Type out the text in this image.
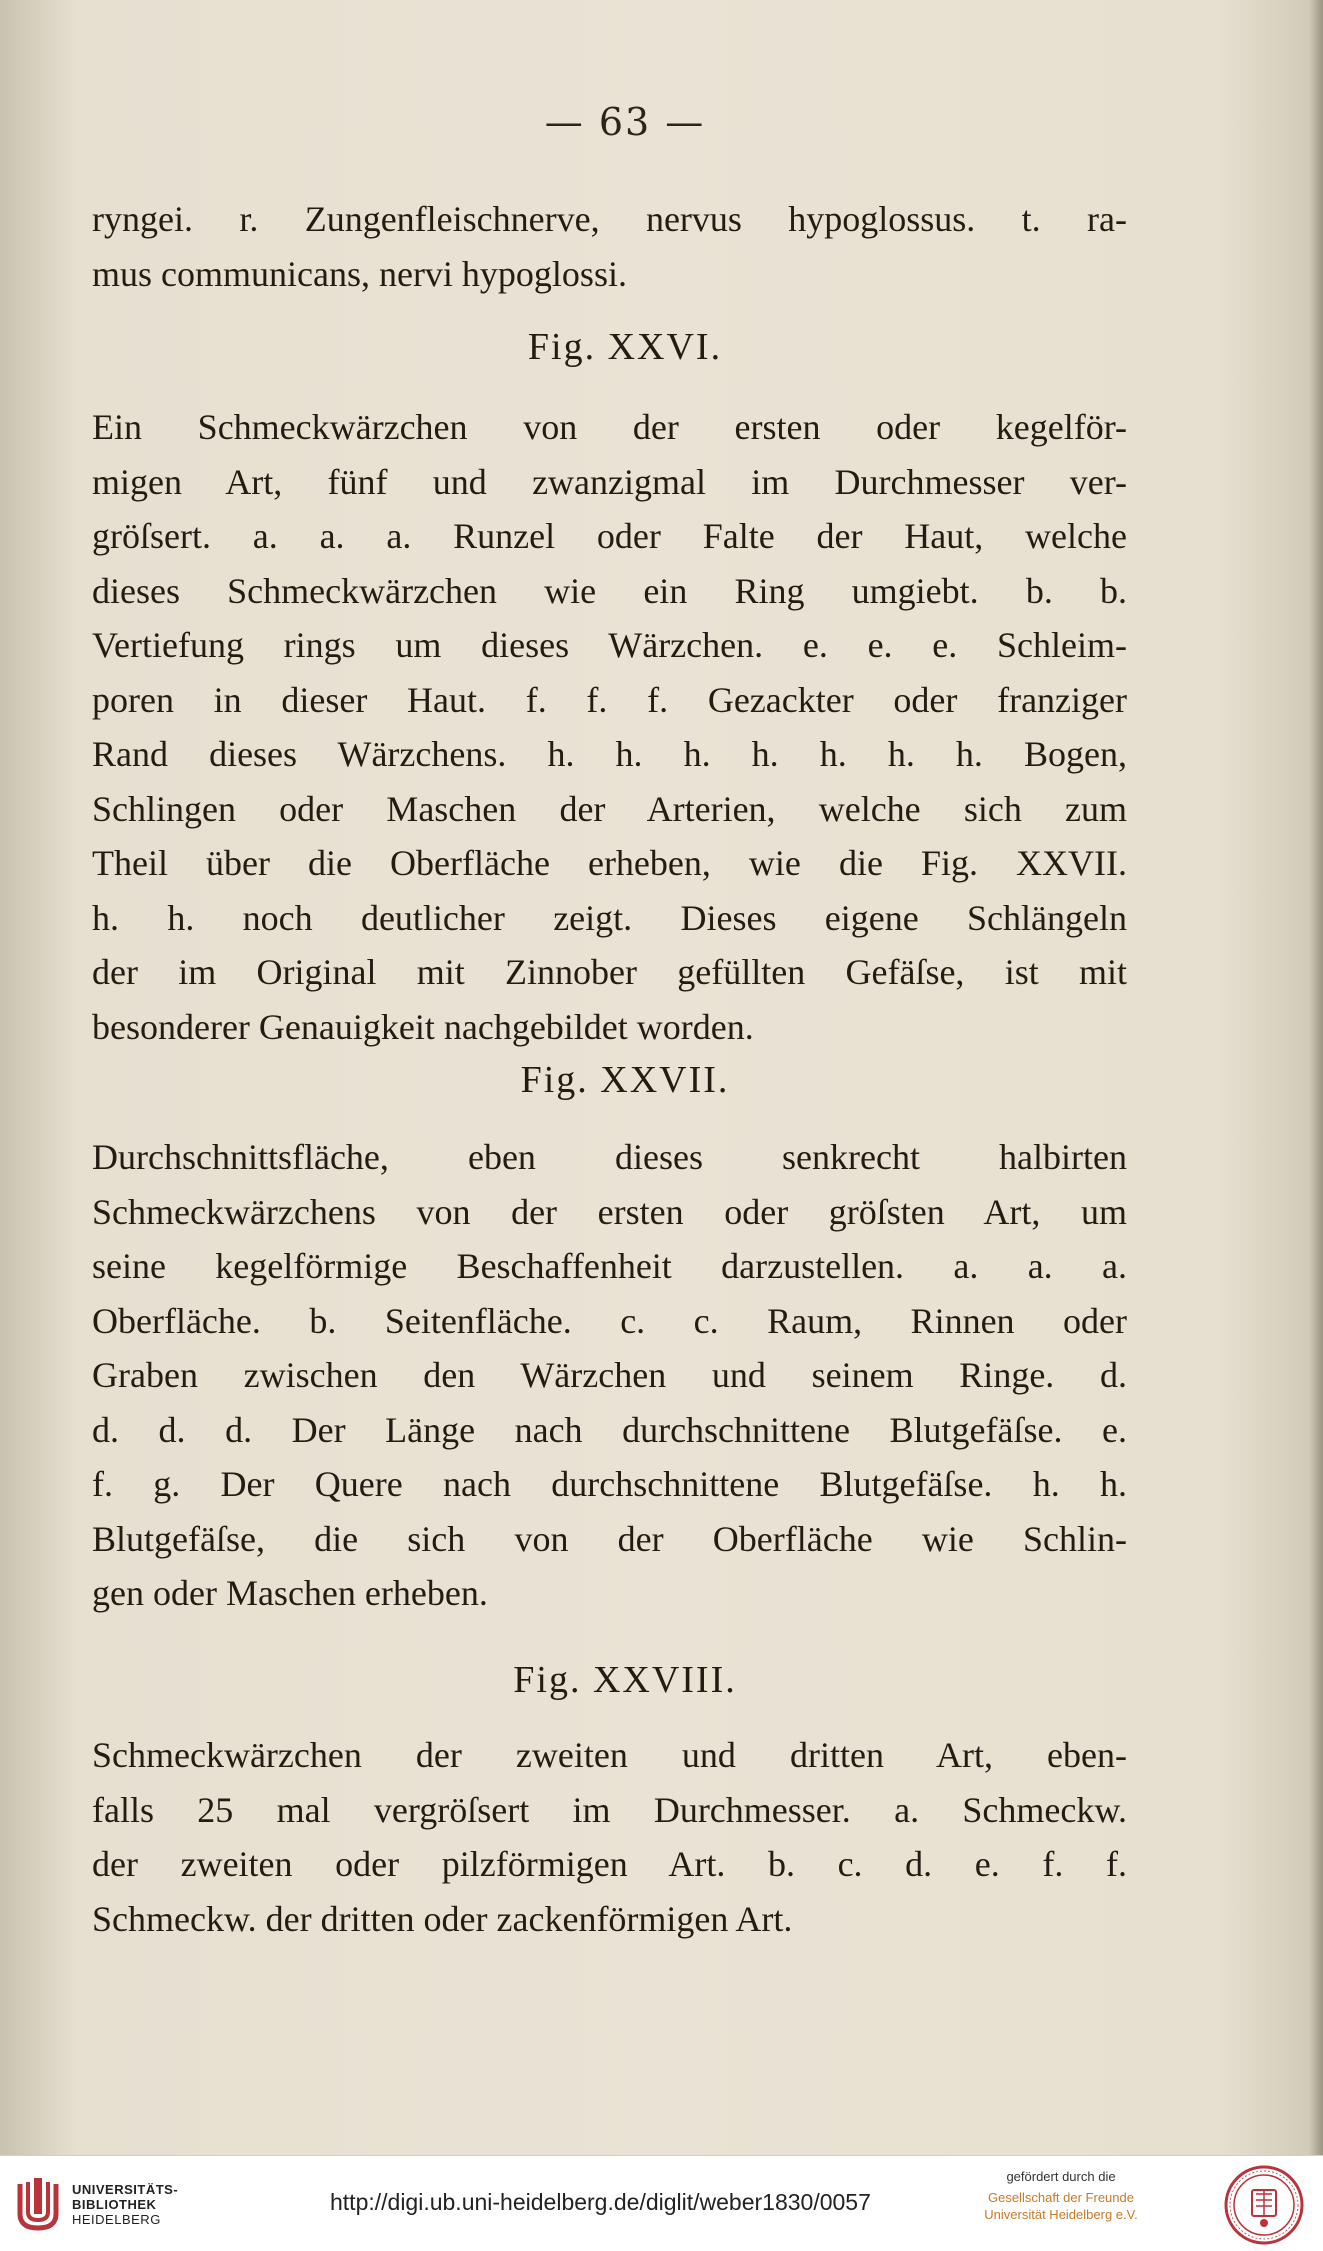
— 63 —
ryngei. r. Zungenfleischnerve, nervus hypoglossus. t. ra-
mus communicans, nervi hypoglossi.
Fig. XXVI.
Ein Schmeckwärzchen von der ersten oder kegelför-
migen Art, fünf und zwanzigmal im Durchmesser ver-
gröſsert. a. a. a. Runzel oder Falte der Haut, welche
dieses Schmeckwärzchen wie ein Ring umgiebt. b. b.
Vertiefung rings um dieses Wärzchen. e. e. e. Schleim-
poren in dieser Haut. f. f. f. Gezackter oder franziger
Rand dieses Wärzchens. h. h. h. h. h. h. h. Bogen,
Schlingen oder Maschen der Arterien, welche sich zum
Theil über die Oberfläche erheben, wie die Fig. XXVII.
h. h. noch deutlicher zeigt. Dieses eigene Schlängeln
der im Original mit Zinnober gefüllten Gefäſse, ist mit
besonderer Genauigkeit nachgebildet worden.
Fig. XXVII.
Durchschnittsfläche, eben dieses senkrecht halbirten
Schmeckwärzchens von der ersten oder gröſsten Art, um
seine kegelförmige Beschaffenheit darzustellen. a. a. a.
Oberfläche. b. Seitenfläche. c. c. Raum, Rinnen oder
Graben zwischen den Wärzchen und seinem Ringe. d.
d. d. d. Der Länge nach durchschnittene Blutgefäſse. e.
f. g. Der Quere nach durchschnittene Blutgefäſse. h. h.
Blutgefäſse, die sich von der Oberfläche wie Schlin-
gen oder Maschen erheben.
Fig. XXVIII.
Schmeckwärzchen der zweiten und dritten Art, eben-
falls 25 mal vergröſsert im Durchmesser. a. Schmeckw.
der zweiten oder pilzförmigen Art. b. c. d. e. f. f.
Schmeckw. der dritten oder zackenförmigen Art.
UNIVERSITÄTS-
BIBLIOTHEK
HEIDELBERG
http://digi.ub.uni-heidelberg.de/diglit/weber1830/0057
gefördert durch die
Gesellschaft der Freunde
Universität Heidelberg e.V.
